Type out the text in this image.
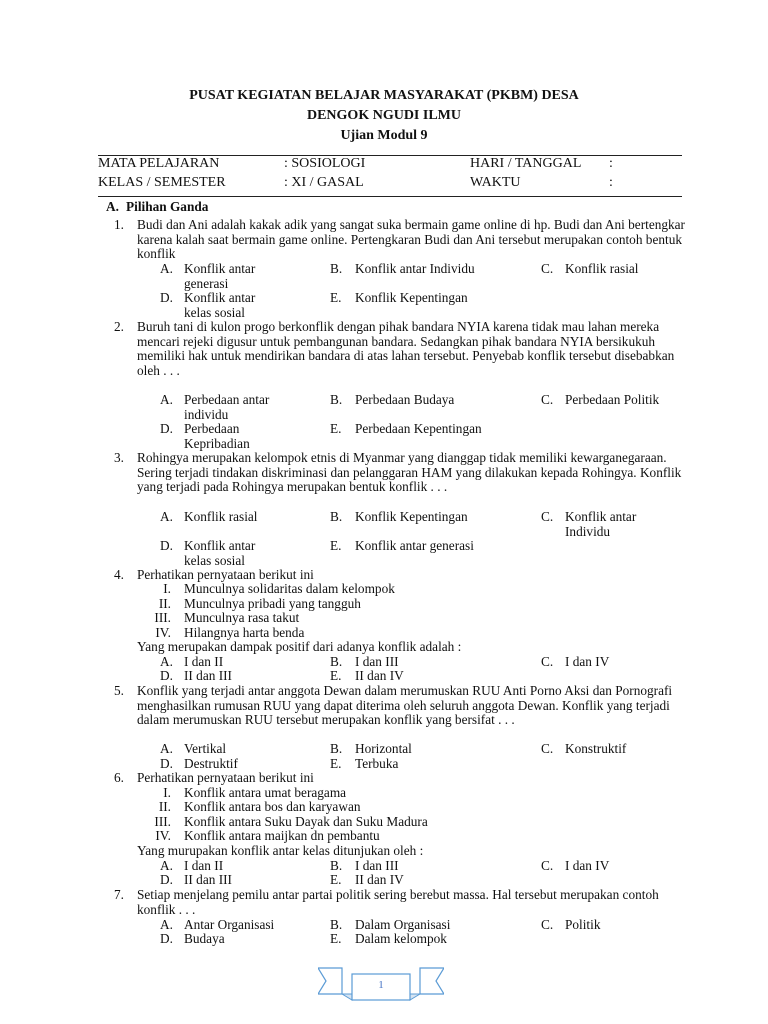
PUSAT KEGIATAN BELAJAR MASYARAKAT (PKBM) DESA
DENGOK NGUDI ILMU
Ujian Modul 9
MATA PELAJARAN	: SOSIOLOGI	HARI / TANGGAL :
KELAS / SEMESTER	: XI / GASAL	WAKTU	:
A. Pilihan Ganda
1. Budi dan Ani adalah kakak adik yang sangat suka bermain game online di hp. Budi dan Ani bertengkar karena kalah saat bermain game online. Pertengkaran Budi dan Ani tersebut merupakan contoh bentuk konflik
A. Konflik antar generasi
B. Konflik antar Individu	C. Konflik rasial
D. Konflik antar kelas sosial
E. Konflik Kepentingan
2. Buruh tani di kulon progo berkonflik dengan pihak bandara NYIA karena tidak mau lahan mereka mencari rejeki digusur untuk pembangunan bandara. Sedangkan pihak bandara NYIA bersikukuh memiliki hak untuk mendirikan bandara di atas lahan tersebut. Penyebab konflik tersebut disebabkan oleh . . .
A. Perbedaan antar individu
B. Perbedaan Budaya	C. Perbedaan Politik
D. Perbedaan Kepribadian
E. Perbedaan Kepentingan
3. Rohingya merupakan kelompok etnis di Myanmar yang dianggap tidak memiliki kewarganegaraan. Sering terjadi tindakan diskriminasi dan pelanggaran HAM yang dilakukan kepada Rohingya. Konflik yang terjadi pada Rohingya merupakan bentuk konflik . . .
A. Konflik rasial	B. Konflik Kepentingan	C. Konflik antar Individu
D. Konflik antar kelas sosial
E. Konflik antar generasi
4. Perhatikan pernyataan berikut ini
I. Munculnya solidaritas dalam kelompok
II. Munculnya pribadi yang tangguh
III. Munculnya rasa takut
IV. Hilangnya harta benda
Yang merupakan dampak positif dari adanya konflik adalah :
A. I dan II	B. I dan III	C. I dan IV
D. II dan III	E. II dan IV
5. Konflik yang terjadi antar anggota Dewan dalam merumuskan RUU Anti Porno Aksi dan Pornografi menghasilkan rumusan RUU yang dapat diterima oleh seluruh anggota Dewan. Konflik yang terjadi dalam merumuskan RUU tersebut merupakan konflik yang bersifat . . .
A. Vertikal	B. Horizontal	C. Konstruktif
D. Destruktif	E. Terbuka
6. Perhatikan pernyataan berikut ini
I. Konflik antara umat beragama
II. Konflik antara bos dan karyawan
III. Konflik antara Suku Dayak dan Suku Madura
IV. Konflik antara maijkan dn pembantu
Yang murupakan konflik antar kelas ditunjukan oleh :
A. I dan II	B. I dan III	C. I dan IV
D. II dan III	E. II dan IV
7. Setiap menjelang pemilu antar partai politik sering berebut massa. Hal tersebut merupakan contoh konflik . . .
A. Antar Organisasi	B. Dalam Organisasi	C. Politik
D. Budaya	E. Dalam kelompok
1
